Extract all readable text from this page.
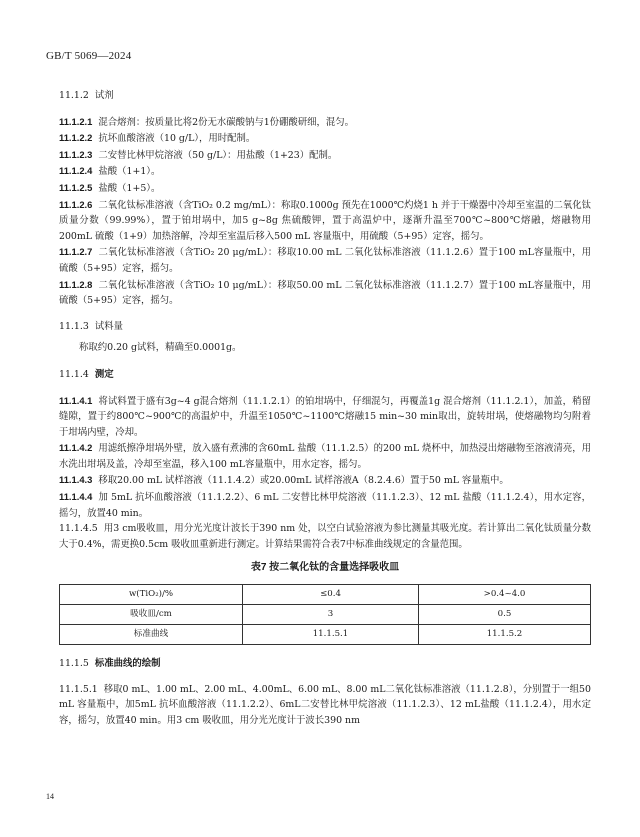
GB/T 5069—2024

11.1.2 试剂

11.1.2.1 混合熔剂：按质量比将2份无水碳酸钠与1份硼酸研细，混匀。

11.1.2.2 抗坏血酸溶液（10 g/L），用时配制。

11.1.2.3 二安替比林甲烷溶液（50 g/L）：用盐酸（1+23）配制。

11.1.2.4 盐酸（1+1）。

11.1.2.5 盐酸（1+5）。

11.1.2.6 二氧化钛标准溶液（含TiO₂ 0.2 mg/mL）：称取0.1000g 预先在1000℃灼烧1 h 并于干燥器中冷却至室温的二氧化钛质量分数（99.99%），置于铂坩埚中，加5 g~8g 焦硫酸钾，置于高温炉中，逐渐升温至700℃~800℃熔融，熔融物用200mL 硫酸（1+9）加热溶解，冷却至室温后移入500 mL 容量瓶中，用硫酸（5+95）定容，摇匀。

11.1.2.7 二氧化钛标准溶液（含TiO₂ 20 μg/mL）：移取10.00 mL 二氧化钛标准溶液（11.1.2.6）置于100 mL容量瓶中，用硫酸（5+95）定容，摇匀。

11.1.2.8 二氧化钛标准溶液（含TiO₂ 10 μg/mL）：移取50.00 mL 二氧化钛标准溶液（11.1.2.7）置于100 mL容量瓶中，用硫酸（5+95）定容，摇匀。

11.1.3 试料量

称取约0.20 g试料，精确至0.0001g。

11.1.4 测定

11.1.4.1 将试料置于盛有3g~4 g混合熔剂（11.1.2.1）的铂坩埚中，仔细混匀，再覆盖1g 混合熔剂（11.1.2.1），加盖，稍留缝隙，置于约800℃~900℃的高温炉中，升温至1050℃~1100℃熔融15 min~30 min取出，旋转坩埚，使熔融物均匀附着于坩埚内壁，冷却。

11.1.4.2 用滤纸擦净坩埚外壁，放入盛有煮沸的含60mL 盐酸（11.1.2.5）的200 mL 烧杯中，加热浸出熔融物至溶液清亮，用水洗出坩埚及盖，冷却至室温，移入100 mL容量瓶中，用水定容，摇匀。

11.1.4.3 移取20.00 mL 试样溶液（11.1.4.2）或20.00mL 试样溶液A（8.2.4.6）置于50 mL 容量瓶中。

11.1.4.4 加 5mL 抗坏血酸溶液（11.1.2.2）、6 mL 二安替比林甲烷溶液（11.1.2.3）、12 mL 盐酸（11.1.2.4），用水定容，摇匀，放置40 min。

11.1.4.5 用3 cm吸收皿，用分光光度计波长于390 nm 处，以空白试验溶液为参比测量其吸光度。若计算出二氧化钛质量分数大于0.4%，需更换0.5cm 吸收皿重新进行测定。计算结果需符合表7中标准曲线规定的含量范围。

表7 按二氧化钛的含量选择吸收皿
w(TiO₂)/%	≤0.4	>0.4~4.0
吸收皿/cm	3	0.5
标准曲线	11.1.5.1	11.1.5.2

11.1.5 标准曲线的绘制

11.1.5.1 移取0 mL、1.00 mL、2.00 mL、4.00mL、6.00 mL、8.00 mL二氧化钛标准溶液（11.1.2.8），分别置于一组50 mL 容量瓶中，加5mL 抗坏血酸溶液（11.1.2.2）、6mL二安替比林甲烷溶液（11.1.2.3）、12 mL盐酸（11.1.2.4），用水定容，摇匀，放置40 min。用3 cm 吸收皿，用分光光度计于波长390 nm

14
